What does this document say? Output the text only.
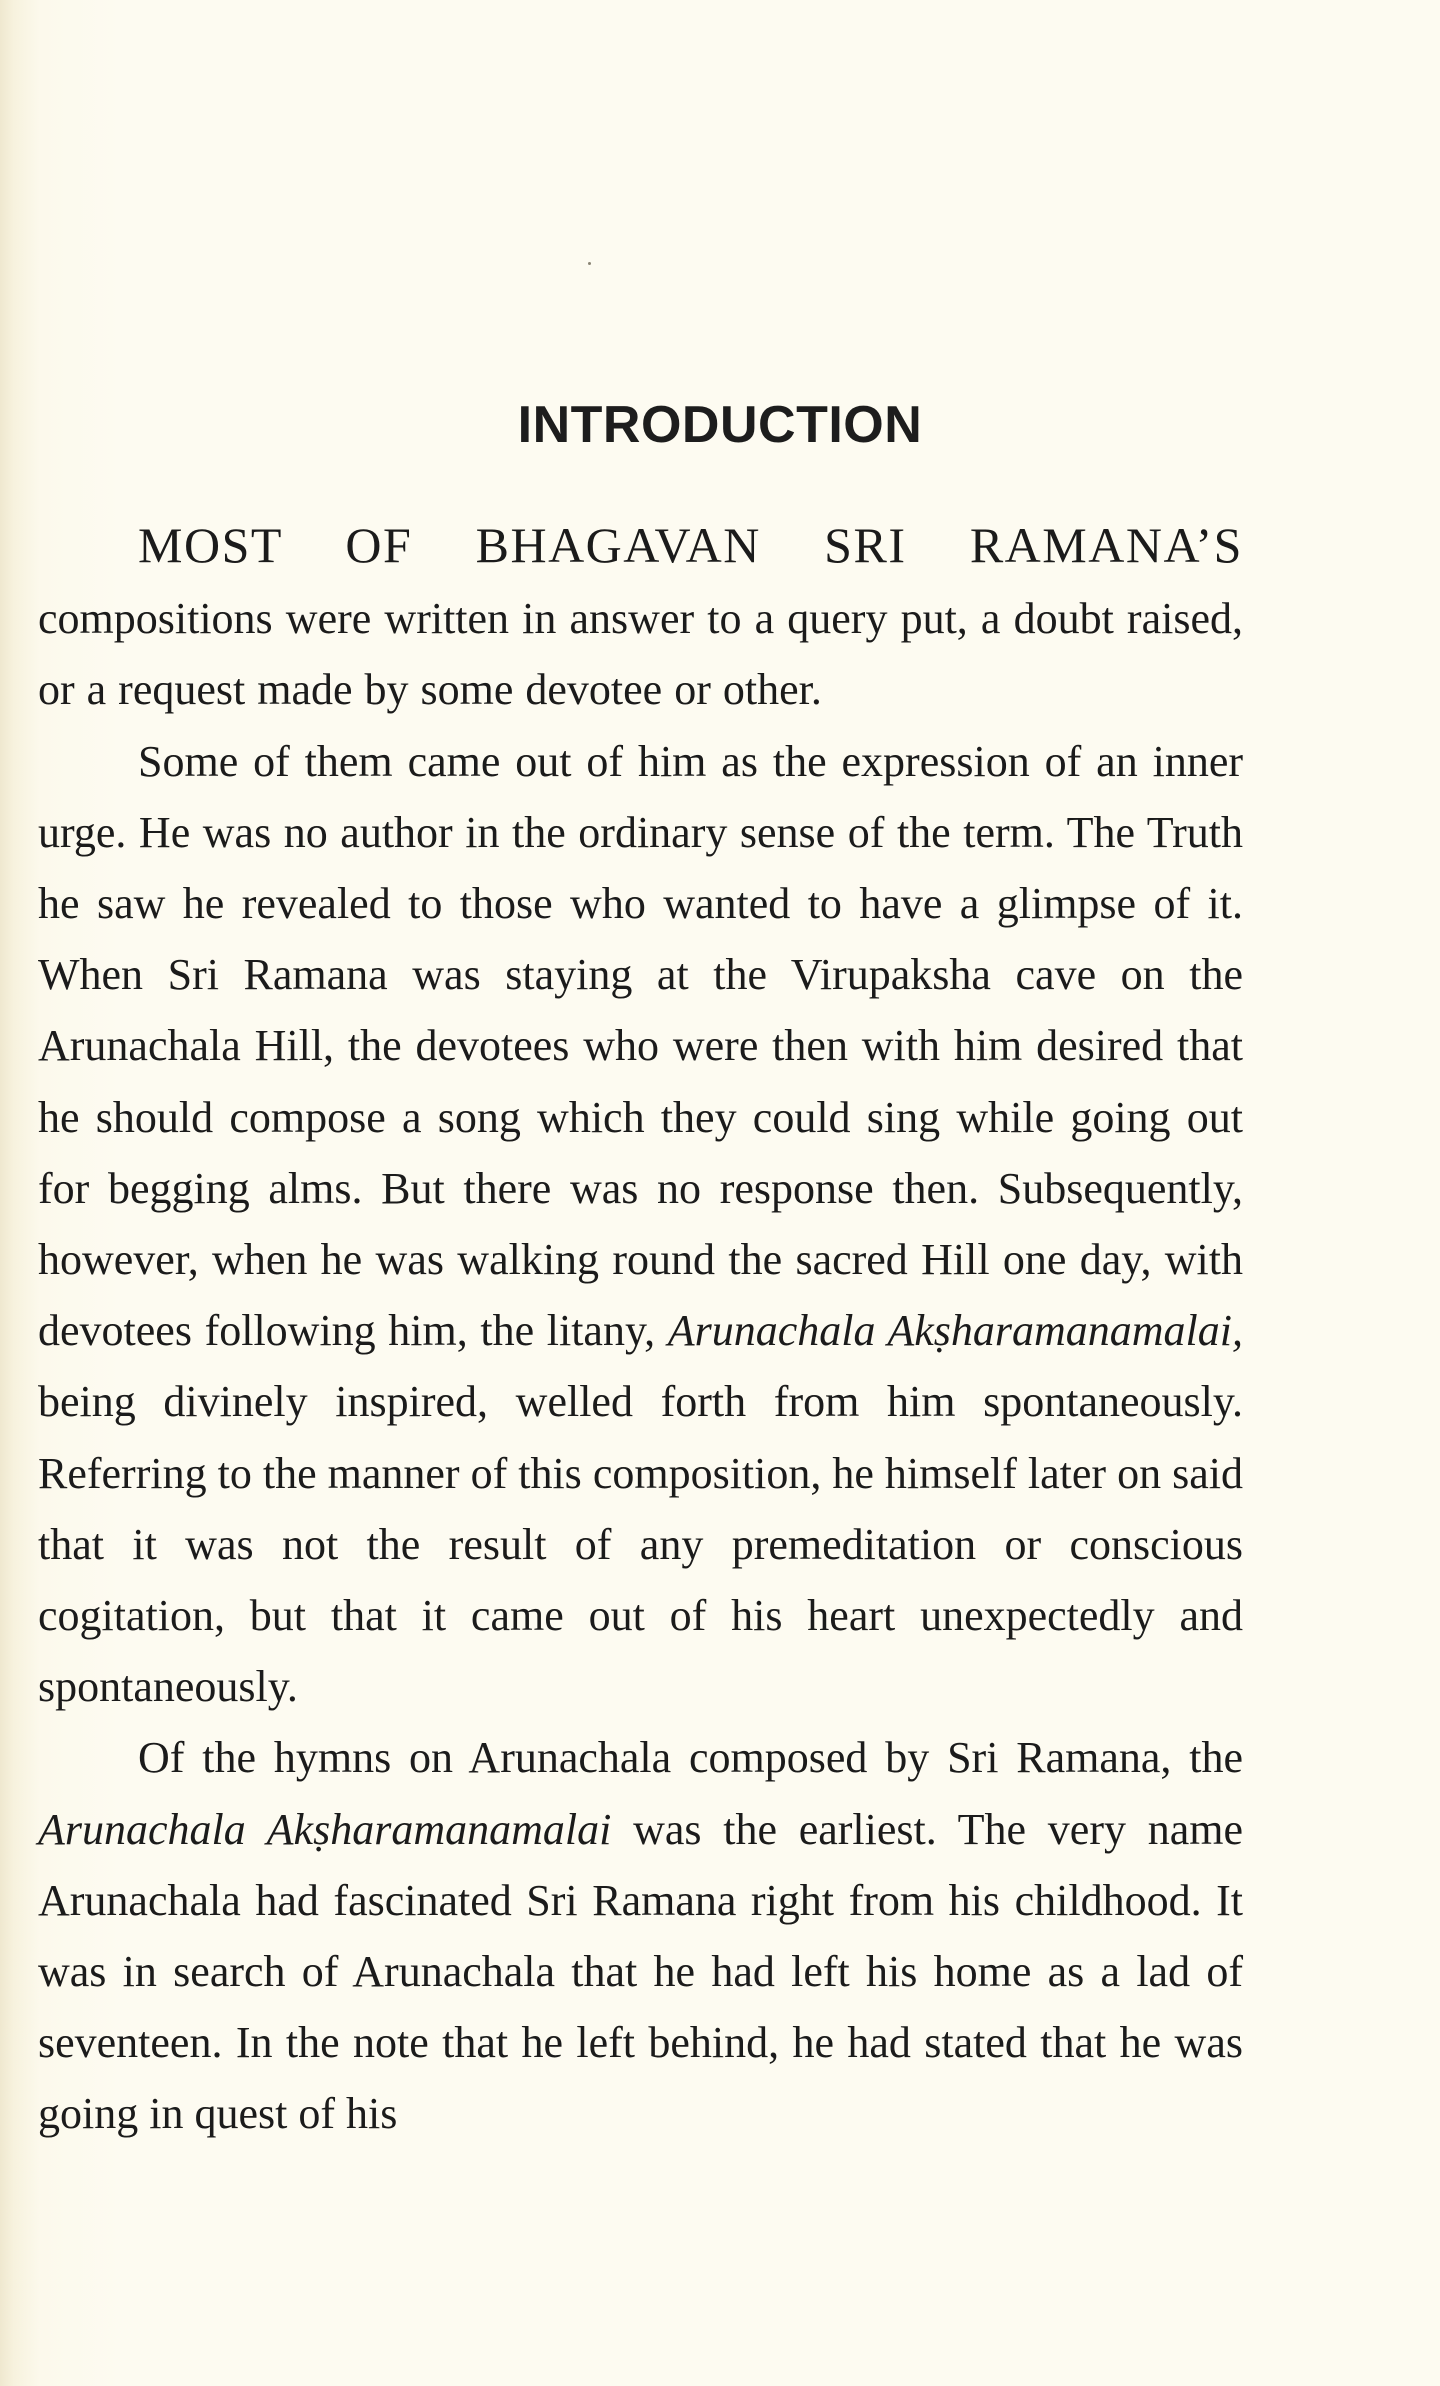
INTRODUCTION

MOST OF BHAGAVAN SRI RAMANA’S compositions were written in answer to a query put, a doubt raised, or a request made by some devotee or other.

Some of them came out of him as the expression of an inner urge. He was no author in the ordinary sense of the term. The Truth he saw he revealed to those who wanted to have a glimpse of it. When Sri Ramana was staying at the Virupaksha cave on the Arunachala Hill, the devotees who were then with him desired that he should compose a song which they could sing while going out for begging alms. But there was no response then. Subsequently, however, when he was walking round the sacred Hill one day, with devotees following him, the litany, Arunachala Akṣharamanamalai, being divinely inspired, welled forth from him spontaneously. Referring to the manner of this composition, he himself later on said that it was not the result of any premeditation or conscious cogitation, but that it came out of his heart unexpectedly and spontaneously.

Of the hymns on Arunachala composed by Sri Ramana, the Arunachala Akṣharamanamalai was the earliest. The very name Arunachala had fascinated Sri Ramana right from his childhood. It was in search of Arunachala that he had left his home as a lad of seventeen. In the note that he left behind, he had stated that he was going in quest of his
